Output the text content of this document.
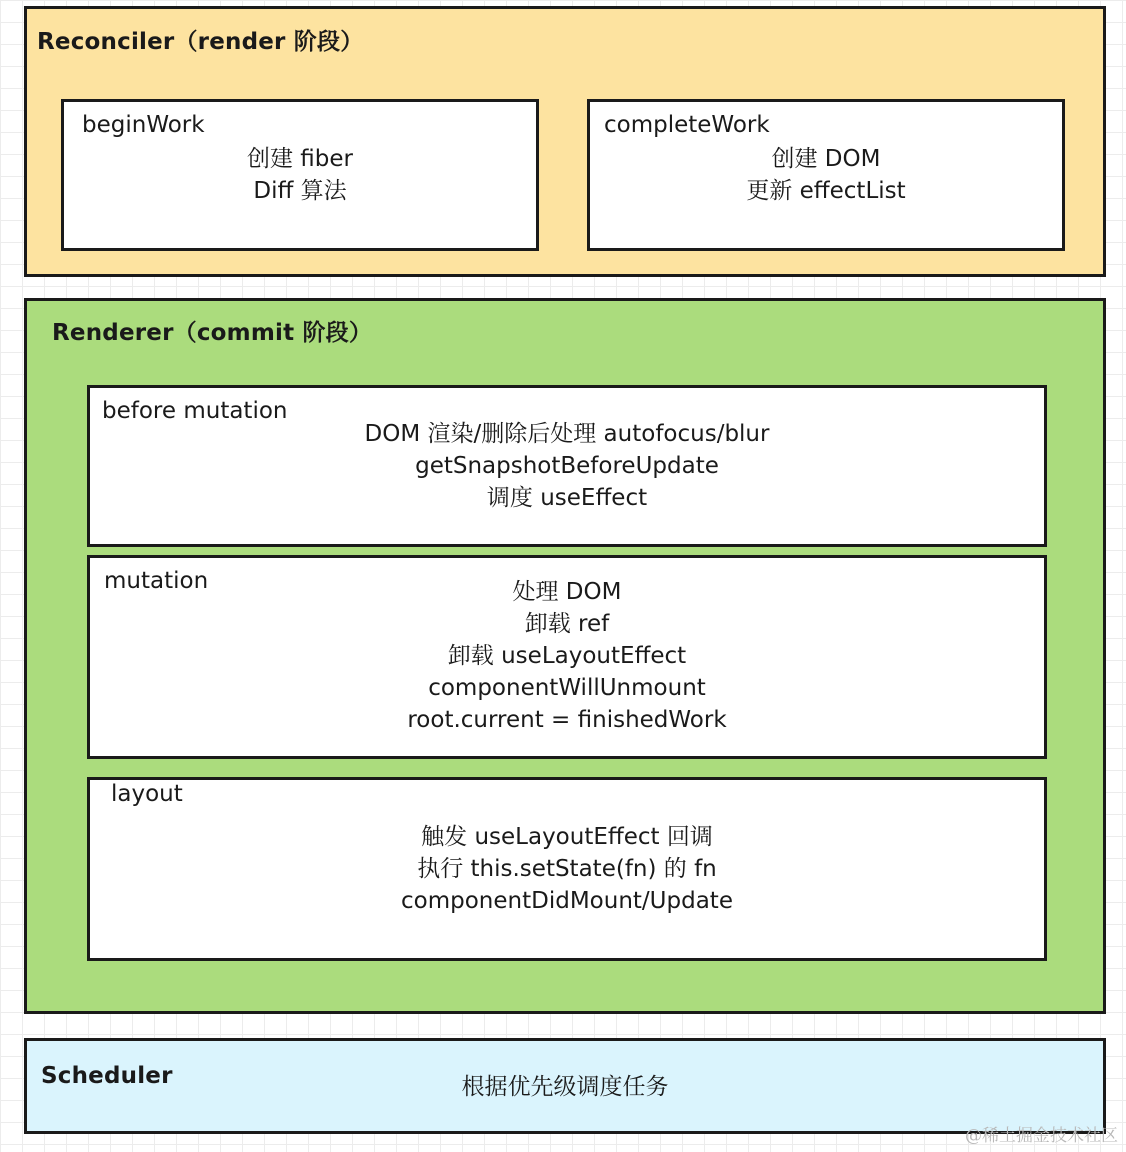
Reconciler（render 阶段）
beginWork
创建 fiber
Diff 算法
completeWork
创建 DOM
更新 effectList
Renderer（commit 阶段）
before mutation
DOM 渲染/删除后处理 autofocus/blur
getSnapshotBeforeUpdate
调度 useEffect
mutation	处理 DOM
卸载 ref
卸载 useLayoutEffect
componentWillUnmount
root.current = finishedWork
layout
触发 useLayoutEffect 回调
执行 this.setState(fn) 的 fn
componentDidMount/Update
Scheduler	根据优先级调度任务
@稀土掘金技术社区
